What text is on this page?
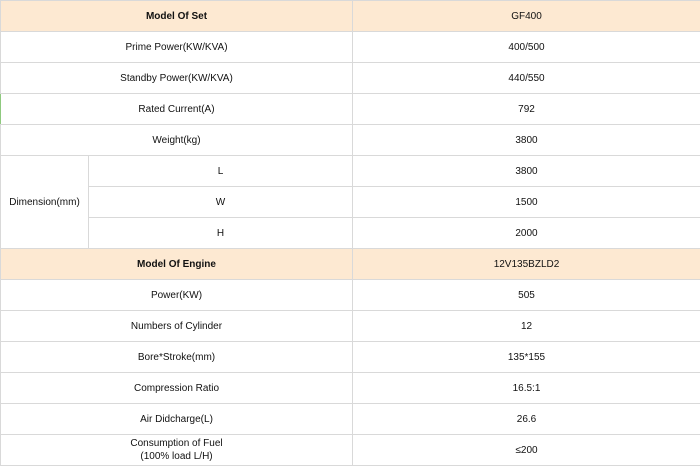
Model Of Set		GF400
Prime Power(KW/KVA)		400/500
Standby Power(KW/KVA)		440/550
Rated Current(A)		792
Weight(kg)		3800
Dimension(mm)	L	3800
	W	1500
	H	2000
Model Of Engine		12V135BZLD2
Power(KW)		505
Numbers of Cylinder		12
Bore*Stroke(mm)		135*155
Compression Ratio		16.5:1
Air Didcharge(L)		26.6
Consumption of Fuel
(100% load L/H)		≤200
